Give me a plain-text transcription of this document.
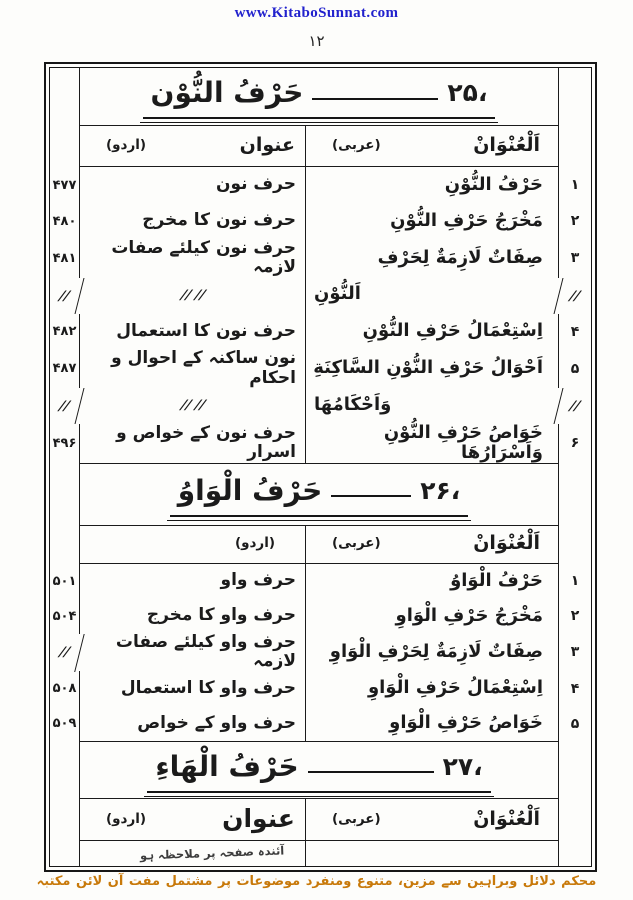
www.KitaboSunnat.com
۱۲
،۲۵
حَرْفُ النُّوْن
اَلْعُنْوَانْ
(عربی)
عنوان
(اردو)
۱
حَرْفُ النُّوْنِ
حرف نون
۴۷۷
۲
مَخْرَجُ حَرْفِ النُّوْنِ
حرف نون کا مخرج
۴۸۰
۳
صِفَاتٌ لَازِمَةٌ لِحَرْفِ
حرف نون کیلئے صفات لازمہ
۴۸۱
//
اَلنُّوْنِ
// //
//
۴
اِسْتِعْمَالُ حَرْفِ النُّوْنِ
حرف نون کا استعمال
۴۸۲
۵
اَحْوَالُ حَرْفِ النُّوْنِ السَّاكِنَةِ
نون ساکنہ کے احوال و احکام
۴۸۷
//
وَاَحْكَامُهَا
// //
//
۶
خَوَاصُ حَرْفِ النُّوْنِ وَاَسْرَارُهَا
حرف نون کے خواص و اسرار
۴۹۶
،۲۶
حَرْفُ الْوَاوُ
اَلْعُنْوَانْ
(عربی)
(اردو)
۱
حَرْفُ الْوَاوُ
حرف واو
۵۰۱
۲
مَخْرَجُ حَرْفِ الْوَاوِ
حرف واو کا مخرج
۵۰۴
۳
صِفَاتٌ لَازِمَةٌ لِحَرْفِ الْوَاوِ
حرف واو کیلئے صفات لازمہ
//
۴
اِسْتِعْمَالُ حَرْفِ الْوَاوِ
حرف واو کا استعمال
۵۰۸
۵
خَوَاصُ حَرْفِ الْوَاوِ
حرف واو کے خواص
۵۰۹
،۲۷
حَرْفُ الْهَاءِ
اَلْعُنْوَانْ
(عربی)
عنوان
(اردو)
آئندہ صفحہ پر ملاحظہ ہو
محکم دلائل وبراہین سے مزین، متنوع ومنفرد موضوعات پر مشتمل مفت آن لائن مکتبہ
